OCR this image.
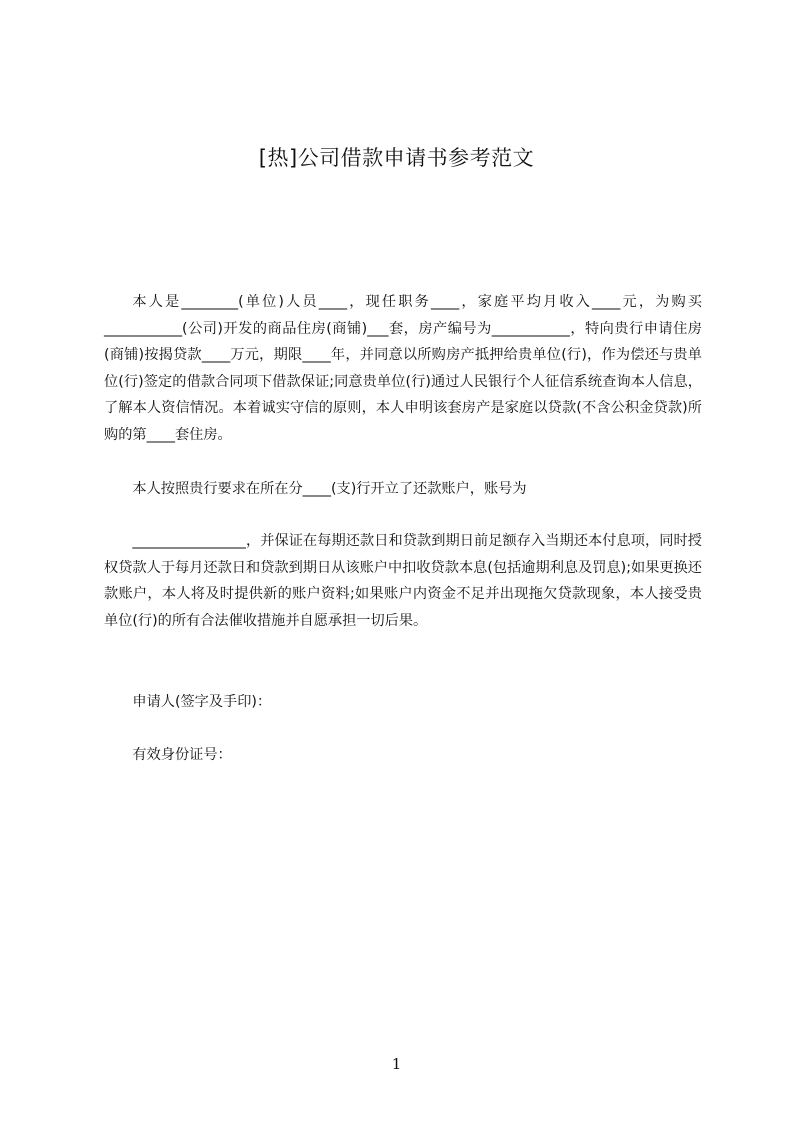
[热]公司借款申请书参考范文

本人是________(单位)人员____，现任职务____，家庭平均月收入____元，为购买___________(公司)开发的商品住房(商铺)___套，房产编号为___________，特向贵行申请住房(商铺)按揭贷款____万元，期限____年，并同意以所购房产抵押给贵单位(行)，作为偿还与贵单位(行)签定的借款合同项下借款保证;同意贵单位(行)通过人民银行个人征信系统查询本人信息，了解本人资信情况。本着诚实守信的原则，本人申明该套房产是家庭以贷款(不含公积金贷款)所购的第____套住房。

本人按照贵行要求在所在分____(支)行开立了还款账户，账号为

________________，并保证在每期还款日和贷款到期日前足额存入当期还本付息项，同时授权贷款人于每月还款日和贷款到期日从该账户中扣收贷款本息(包括逾期利息及罚息);如果更换还款账户，本人将及时提供新的账户资料;如果账户内资金不足并出现拖欠贷款现象，本人接受贵单位(行)的所有合法催收措施并自愿承担一切后果。

申请人(签字及手印)：

有效身份证号：

1
